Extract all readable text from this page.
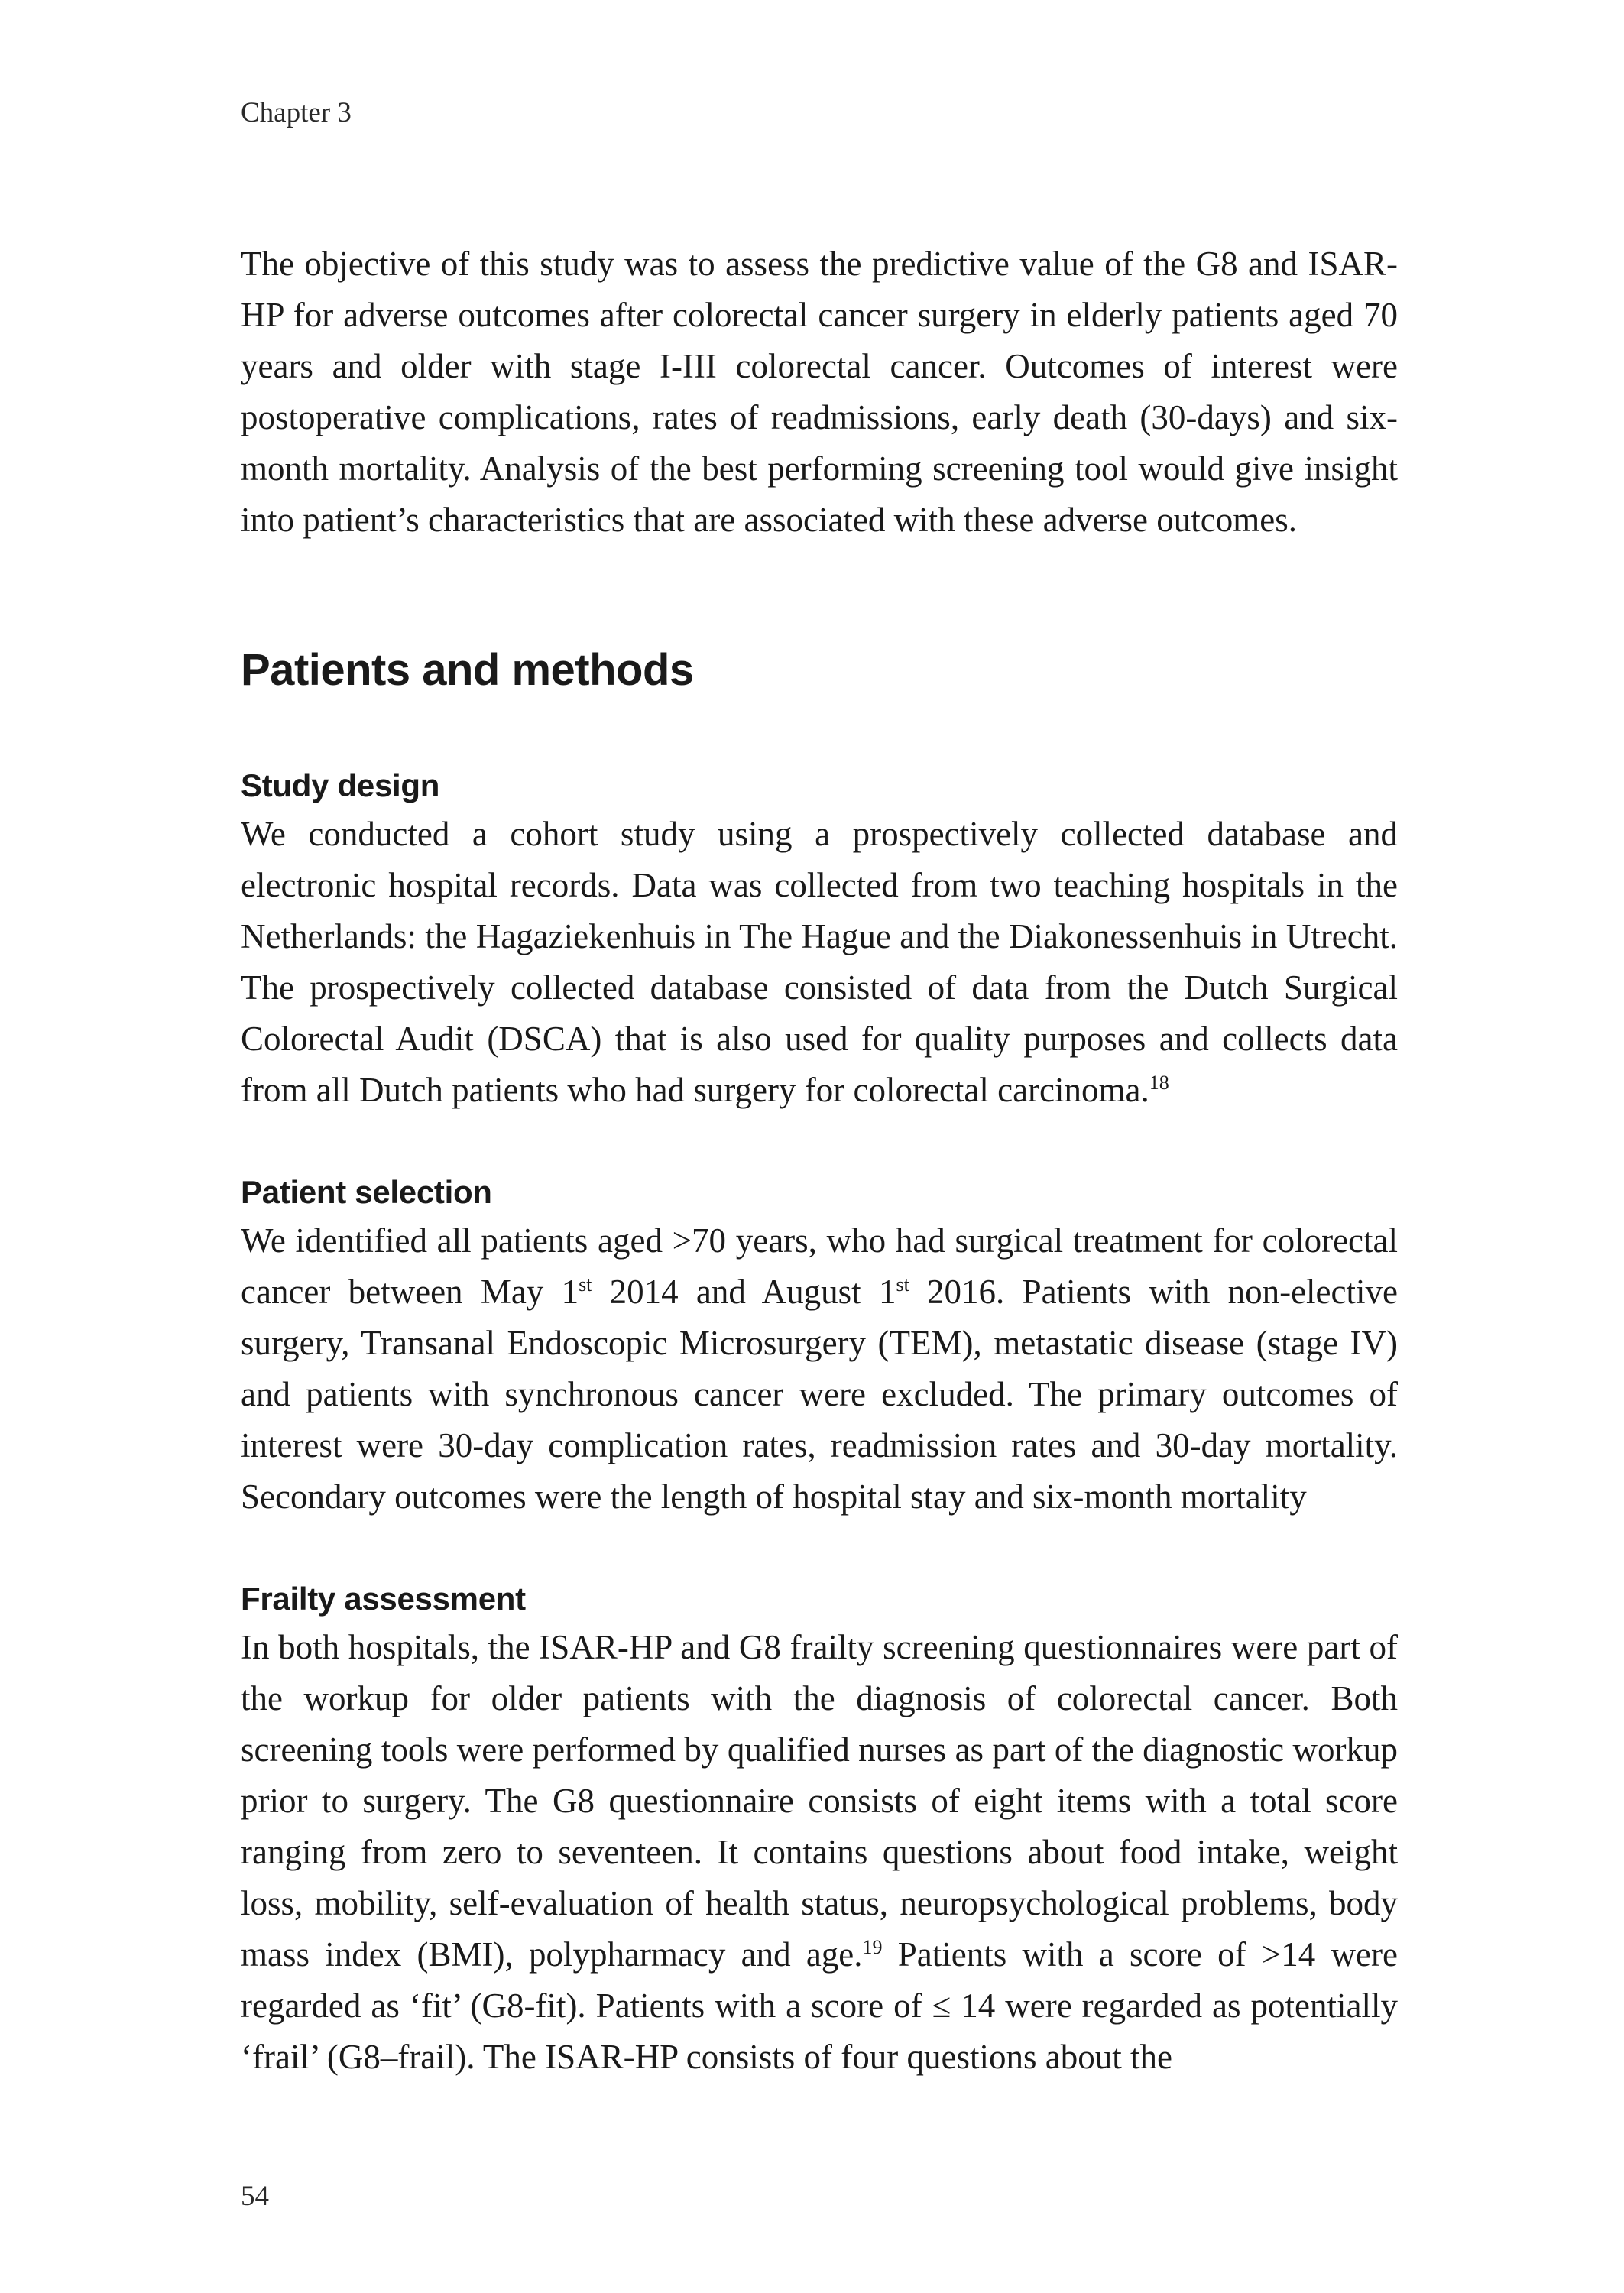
Chapter 3

The objective of this study was to assess the predictive value of the G8 and ISAR-HP for adverse outcomes after colorectal cancer surgery in elderly patients aged 70 years and older with stage I-III colorectal cancer. Outcomes of interest were postoperative complications, rates of readmissions, early death (30-days) and six-month mortality. Analysis of the best performing screening tool would give insight into patient’s characteristics that are associated with these adverse outcomes.

Patients and methods
Study design

We conducted a cohort study using a prospectively collected database and electronic hospital records. Data was collected from two teaching hospitals in the Netherlands: the Hagaziekenhuis in The Hague and the Diakonessenhuis in Utrecht. The prospectively collected database consisted of data from the Dutch Surgical Colorectal Audit (DSCA) that is also used for quality purposes and collects data from all Dutch patients who had surgery for colorectal carcinoma.$^{18}$

Patient selection

We identified all patients aged >70 years, who had surgical treatment for colorectal cancer between May 1st 2014 and August 1st 2016. Patients with non-elective surgery, Transanal Endoscopic Microsurgery (TEM), metastatic disease (stage IV) and patients with synchronous cancer were excluded. The primary outcomes of interest were 30-day complication rates, readmission rates and 30-day mortality. Secondary outcomes were the length of hospital stay and six-month mortality

Frailty assessment

In both hospitals, the ISAR-HP and G8 frailty screening questionnaires were part of the workup for older patients with the diagnosis of colorectal cancer. Both screening tools were performed by qualified nurses as part of the diagnostic workup prior to surgery. The G8 questionnaire consists of eight items with a total score ranging from zero to seventeen. It contains questions about food intake, weight loss, mobility, self-evaluation of health status, neuropsychological problems, body mass index (BMI), polypharmacy and age.$^{19}$ Patients with a score of >14 were regarded as ‘fit’ (G8-fit). Patients with a score of ≤ 14 were regarded as potentially ‘frail’ (G8–frail). The ISAR-HP consists of four questions about the

54
